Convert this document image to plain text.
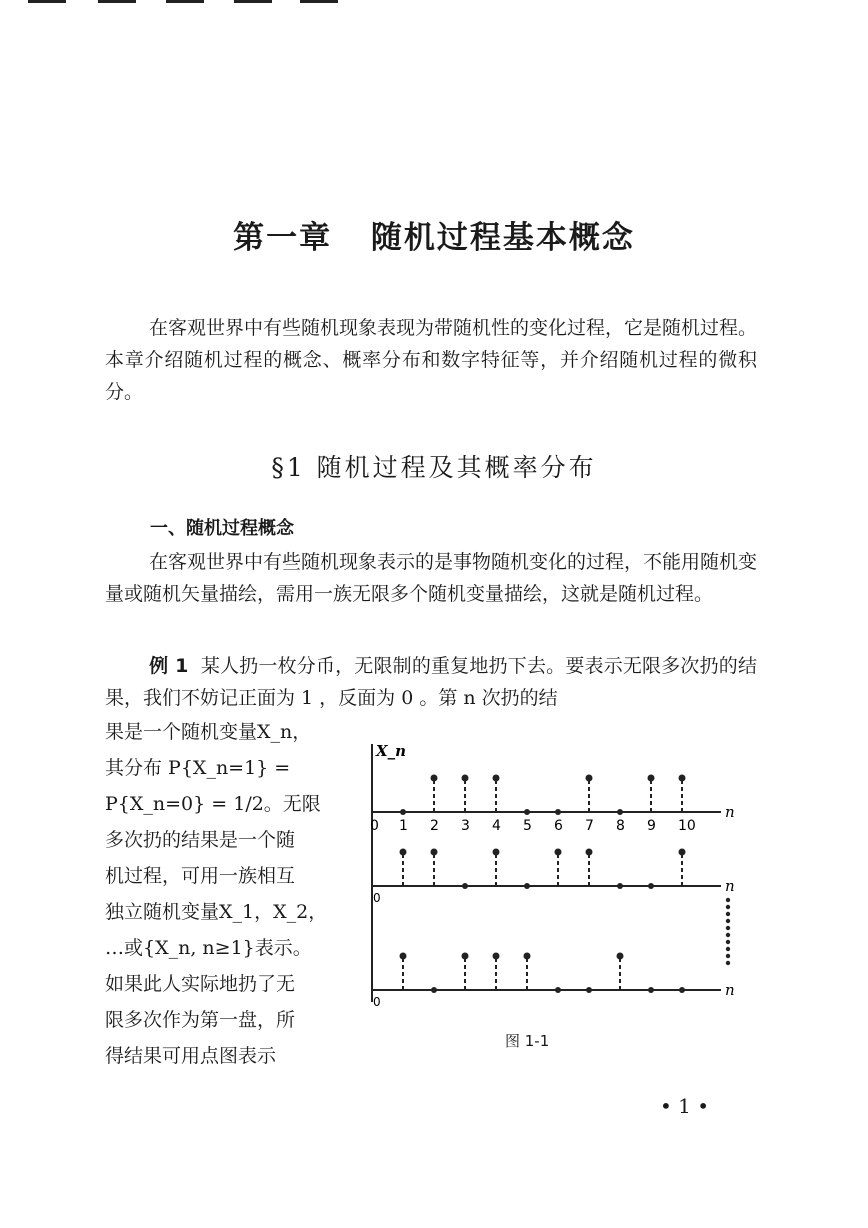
第一章 随机过程基本概念
在客观世界中有些随机现象表现为带随机性的变化过程，它是随机过程。本章介绍随机过程的概念、概率分布和数字特征等，并介绍随机过程的微积分。
§1 随机过程及其概率分布
一、随机过程概念
在客观世界中有些随机现象表示的是事物随机变化的过程，不能用随机变量或随机矢量描绘，需用一族无限多个随机变量描绘，这就是随机过程。
例 1 某人扔一枚分币，无限制的重复地扔下去。要表示无限多次扔的结果，我们不妨记正面为 1 ，反面为 0 。第 n 次扔的结
果是一个随机变量X_n，
其分布 P{X_n=1} =
P{X_n=0} = 1/2。无限
多次扔的结果是一个随
机过程，可用一族相互
独立随机变量X_1，X_2，
…或{X_n, n≥1}表示。
如果此人实际地扔了无
限多次作为第一盘，所
得结果可用点图表示
X_n
n
n
n
0 1 2 3 4 5 6 7 8 9 10
0
0
图 1-1
• 1 •
